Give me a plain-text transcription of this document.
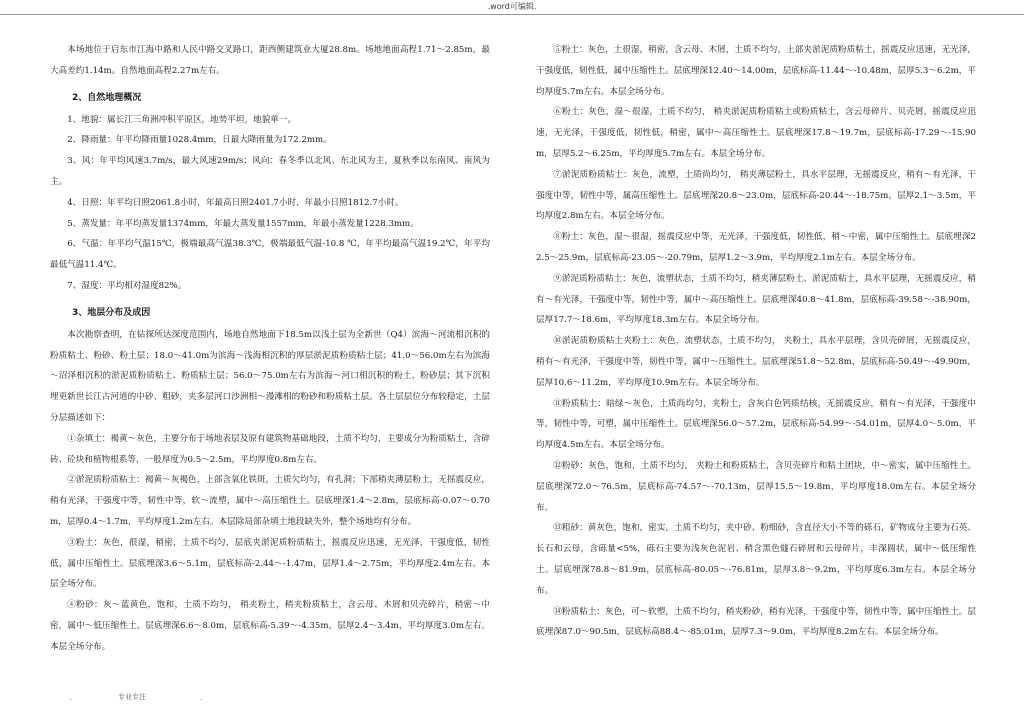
.word可编辑.

本场地位于启东市江海中路和人民中路交叉路口，距西侧建筑业大厦28.8m。场地地面高程1.71～2.85m，最大高差约1.14m。自然地面高程2.27m左右。

2、自然地理概况

1、地貌：属长江三角洲冲积平原区，地势平坦，地貌单一。

2、降雨量：年平均降雨量1028.4mm，日最大降雨量为172.2mm。

3、风：年平均风速3.7m/s，最大风速29m/s；风向：春冬季以北风、东北风为主，夏秋季以东南风、南风为主。

4、日照：年平均日照2061.8小时，年最高日照2401.7小时，年最小日照1812.7小时。

5、蒸发量：年平均蒸发量1374mm，年最大蒸发量1557mm，年最小蒸发量1228.3mm。

6、气温：年平均气温15℃，极端最高气温38.3℃，极端最低气温-10.8 ℃，年平均最高气温19.2℃，年平均最低气温11.4℃。

7、湿度：平均相对湿度82%。

3、地层分布及成因

本次勘察查明，在钻探所达深度范围内，场地自然地面下18.5m以浅土层为全新世（Q4）滨海～河流相沉积的粉质粘土、粉砂、粉土层；18.0～41.0m为滨海～浅海相沉积的厚层淤泥质粉质粘土层；41.0～56.0m左右为滨海～沼泽相沉积的淤泥质粉质粘土、粉质粘土层；56.0～75.0m左右为滨海～河口相沉积的粉土、粉砂层；其下沉积埋更新世长江古河道的中砂、粗砂，夹多层河口沙洲相～漫滩相的粉砂和粉质粘土层。各土层层位分布较稳定，土层分层描述如下：

①杂填土：褐黄～灰色，主要分布于场地表层及原有建筑物基础地段，土质不均匀，主要成分为粉质粘土，含碎砖、砼块和植物根系等，一般厚度为0.5～2.5m，平均厚度0.8m左右。

②淤泥质粉质粘土：褐黄～灰褐色，上部含氧化铁斑，土质欠均匀，有孔洞；下部稍夹薄层粉土，无摇震反应，稍有光泽，干强度中等，韧性中等，软～流塑，属中～高压缩性土。层底埋深1.4～2.8m，层底标高-0.07～0.70m，层厚0.4～1.7m，平均厚度1.2m左右。本层除局部杂填土地段缺失外，整个场地均有分布。

③粉土：灰色，很湿，稍密，土质不均匀，层底夹淤泥质粉质粘土，摇震反应迅速，无光泽，干强度低，韧性低，属中压缩性土。层底埋深3.6～5.1m，层底标高-2.44～-1.47m，层厚1.4～2.75m，平均厚度2.4m左右。本层全场分布。

④粉砂：灰～蓝黄色，饱和，土质不均匀， 稍夹粉土，稍夹粉质粘土，含云母、木屑和贝壳碎片，稍密～中密，属中～低压缩性土。层底埋深6.6～8.0m，层底标高-5.39～-4.35m，层厚2.4～3.4m，平均厚度3.0m左右。本层全场分布。

⑤粉土：灰色，土很湿，稍密，含云母、木屑，土质不均匀，上部夹淤泥质粉质粘土，摇震反应迅速，无光泽，干强度低，韧性低，属中压缩性土。层底埋深12.40～14.00m，层底标高-11.44～-10.48m，层厚5.3～6.2m，平均厚度5.7m左右。本层全场分布。

⑥粉土：灰色，湿～很湿，土质不均匀， 稍夹淤泥质粉质粘土或粉质粘土，含云母碎片、贝壳屑，摇震反应迅速，无光泽，干强度低，韧性低，稍密，属中～高压缩性土。层底埋深17.8～19.7m，层底标高-17.29～-15.90m，层厚5.2～6.25m，平均厚度5.7m左右。本层全场分布。

⑦淤泥质粉质粘土：灰色，流塑，土质尚均匀， 稍夹薄层粉土，具水平层理，无摇震反应，稍有～有光泽，干强度中等，韧性中等，属高压缩性土。层底埋深20.8～23.0m，层底标高-20.44～-18.75m，层厚2.1～3.5m，平均厚度2.8m左右。本层全场分布。

⑧粉土：灰色，湿～很湿，摇震反应中等，无光泽，干强度低，韧性低，稍～中密，属中压缩性土。层底埋深22.5～25.9m，层底标高-23.05～-20.79m，层厚1.2～3.9m，平均厚度2.1m左右。本层全场分布。

⑨淤泥质粉质粘土：灰色，流塑状态，土质不均匀，稍夹薄层粉土、淤泥质粘土，具水平层理，无摇震反应，稍有～有光泽，干强度中等，韧性中等，属中～高压缩性土。层底埋深40.8～41.8m，层底标高-39.58～-38.90m，层厚17.7～18.6m，平均厚度18.3m左右。本层全场分布。

⑩淤泥质粉质粘土夹粉土：灰色，流塑状态，土质不均匀， 夹粉土，具水平层理，含贝壳碎屑，无摇震反应，稍有～有光泽，干强度中等，韧性中等，属中～压缩性土。层底埋深51.8～52.8m，层底标高-50.49～-49.90m，层厚10.6～11.2m，平均厚度10.9m左右。本层全场分布。

⑪粉质粘土：暗绿～灰色，土质尚均匀，夹粉土，含灰白色钙质结核，无摇震反应，稍有～有光泽，干强度中等，韧性中等，可塑，属中压缩性土。层底埋深56.0～57.2m，层底标高-54.99～-54.01m，层厚4.0～5.0m，平均厚度4.5m左右。本层全场分布。

⑫粉砂：灰色，饱和，土质不均匀， 夹粉土和粉质粘土，含贝壳碎片和粘土团块，中～密实，属中压缩性土。层底埋深72.0～76.5m，层底标高-74.57～-70.13m，层厚15.5～19.8m，平均厚度18.0m左右。本层全场分布。

⑬粗砂：黄灰色，饱和，密实，土质不均匀，夹中砂、粉细砂，含直径大小不等的砾石，矿物成分主要为石英、长石和云母，含砾量<5%，砾石主要为浅灰色泥岩、稍含黑色燧石碎屑和云母碎片，丰深圆状，属中～低压缩性土。层底埋深78.8～81.9m，层底标高-80.05～-76.81m，层厚3.8～9.2m，平均厚度6.3m左右。本层全场分布。

⑭粉质粘土：灰色，可～软塑，土质不均匀，稍夹粉砂，稍有光泽，干强度中等，韧性中等，属中压缩性土。层底埋深87.0～90.5m，层底标高88.4～-85.01m，层厚7.3～9.0m，平均厚度8.2m左右。本层全场分布。

.	专业专注	.
